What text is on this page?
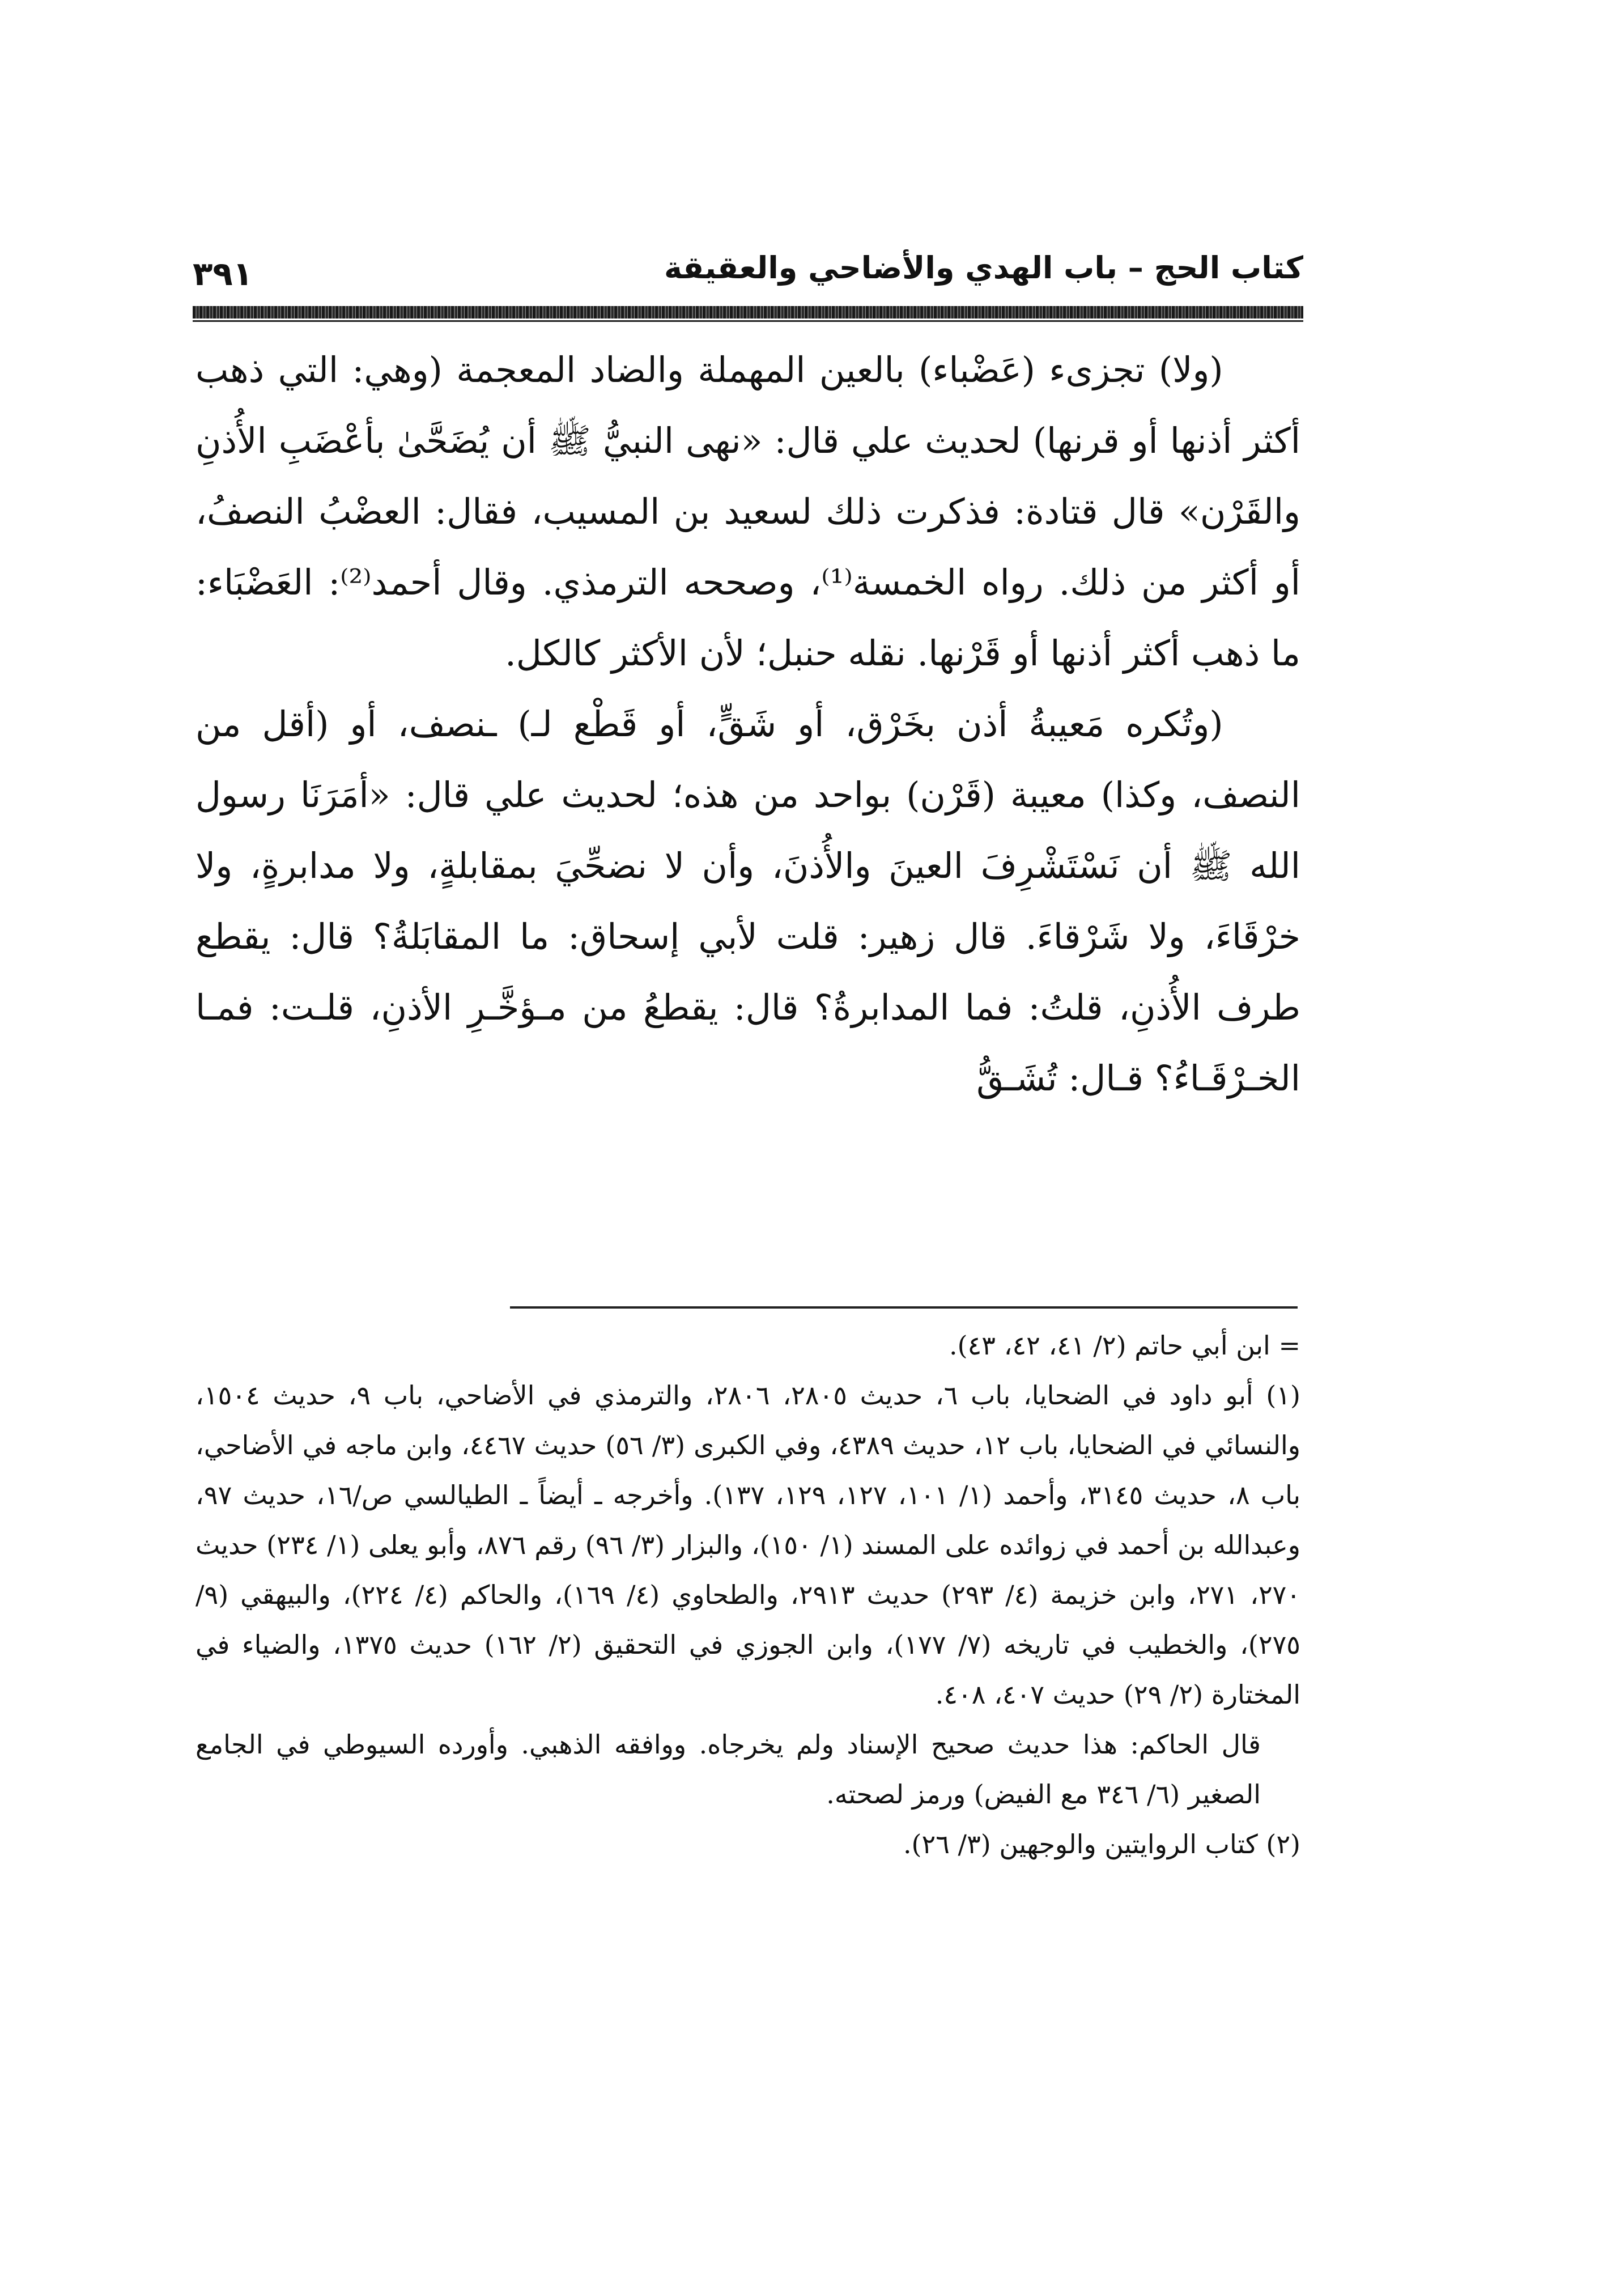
كتاب الحج – باب الهدي والأضاحي والعقيقة
٣٩١

(ولا) تجزىء (عَضْباء) بالعين المهملة والضاد المعجمة (وهي: التي ذهب أكثر أذنها أو قرنها) لحديث علي قال: «نهى النبيُّ ﷺ أن يُضَحَّىٰ بأعْضَبِ الأُذنِ والقَرْن» قال قتادة: فذكرت ذلك لسعيد بن المسيب، فقال: العضْبُ النصفُ، أو أكثر من ذلك. رواه الخمسة⁽¹⁾، وصححه الترمذي. وقال أحمد⁽²⁾: العَضْبَاء: ما ذهب أكثر أذنها أو قَرْنها. نقله حنبل؛ لأن الأكثر كالكل.

(وتُكره مَعيبةُ أذن بخَرْق، أو شَقٍّ، أو قَطْع لـ) ـنصف، أو (أقل من النصف، وكذا) معيبة (قَرْن) بواحد من هذه؛ لحديث علي قال: «أمَرَنَا رسول الله ﷺ أن نَسْتَشْرِفَ العينَ والأُذنَ، وأن لا نضحِّيَ بمقابلةٍ، ولا مدابرةٍ، ولا خرْقَاءَ، ولا شَرْقاءَ. قال زهير: قلت لأبي إسحاق: ما المقابَلةُ؟ قال: يقطع طرف الأُذنِ، قلتُ: فما المدابرةُ؟ قال: يقطعُ من مـؤخَّـرِ الأذنِ، قلـت: فمـا الخـرْقَـاءُ؟ قـال: تُشَـقُّ

= ابن أبي حاتم (٢/ ٤١، ٤٢، ٤٣).

(١) أبو داود في الضحايا، باب ٦، حديث ٢٨٠٥، ٢٨٠٦، والترمذي في الأضاحي، باب ٩، حديث ١٥٠٤، والنسائي في الضحايا، باب ١٢، حديث ٤٣٨٩، وفي الكبرى (٣/ ٥٦) حديث ٤٤٦٧، وابن ماجه في الأضاحي، باب ٨، حديث ٣١٤٥، وأحمد (١/ ١٠١، ١٢٧، ١٢٩، ١٣٧). وأخرجه ـ أيضاً ـ الطيالسي ص/١٦، حديث ٩٧، وعبدالله بن أحمد في زوائده على المسند (١/ ١٥٠)، والبزار (٣/ ٩٦) رقم ٨٧٦، وأبو يعلى (١/ ٢٣٤) حديث ٢٧٠، ٢٧١، وابن خزيمة (٤/ ٢٩٣) حديث ٢٩١٣، والطحاوي (٤/ ١٦٩)، والحاكم (٤/ ٢٢٤)، والبيهقي (٩/ ٢٧٥)، والخطيب في تاريخه (٧/ ١٧٧)، وابن الجوزي في التحقيق (٢/ ١٦٢) حديث ١٣٧٥، والضياء في المختارة (٢/ ٢٩) حديث ٤٠٧، ٤٠٨.

قال الحاكم: هذا حديث صحيح الإسناد ولم يخرجاه. ووافقه الذهبي. وأورده السيوطي في الجامع الصغير (٦/ ٣٤٦ مع الفيض) ورمز لصحته.

(٢) كتاب الروايتين والوجهين (٣/ ٢٦).
